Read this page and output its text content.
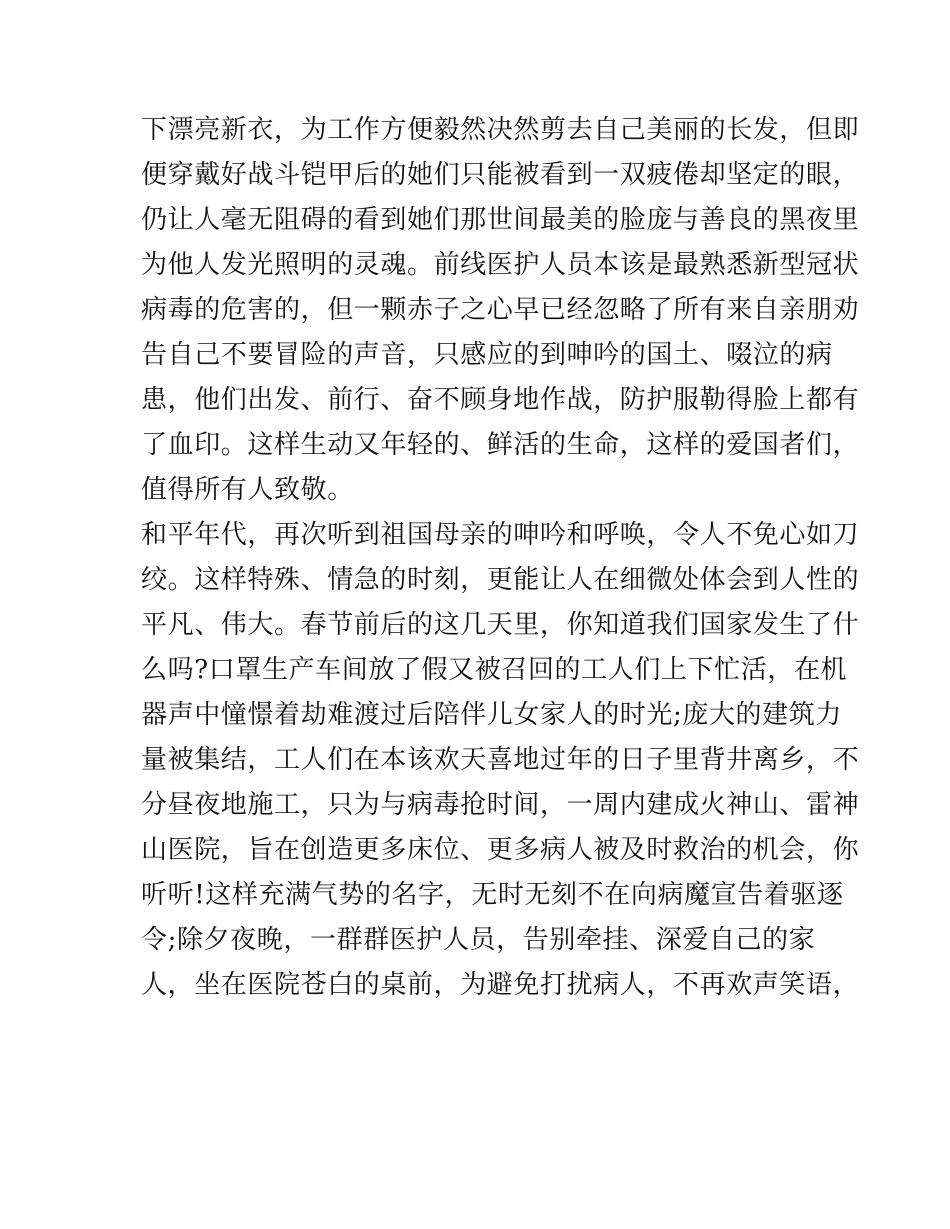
下漂亮新衣，为工作方便毅然决然剪去自己美丽的长发，但即
便穿戴好战斗铠甲后的她们只能被看到一双疲倦却坚定的眼，
仍让人毫无阻碍的看到她们那世间最美的脸庞与善良的黑夜里
为他人发光照明的灵魂。前线医护人员本该是最熟悉新型冠状
病毒的危害的，但一颗赤子之心早已经忽略了所有来自亲朋劝
告自己不要冒险的声音，只感应的到呻吟的国土、啜泣的病
患，他们出发、前行、奋不顾身地作战，防护服勒得脸上都有
了血印。这样生动又年轻的、鲜活的生命，这样的爱国者们，
值得所有人致敬。
和平年代，再次听到祖国母亲的呻吟和呼唤，令人不免心如刀
绞。这样特殊、情急的时刻，更能让人在细微处体会到人性的
平凡、伟大。春节前后的这几天里，你知道我们国家发生了什
么吗?口罩生产车间放了假又被召回的工人们上下忙活，在机
器声中憧憬着劫难渡过后陪伴儿女家人的时光;庞大的建筑力
量被集结，工人们在本该欢天喜地过年的日子里背井离乡，不
分昼夜地施工，只为与病毒抢时间，一周内建成火神山、雷神
山医院，旨在创造更多床位、更多病人被及时救治的机会，你
听听!这样充满气势的名字，无时无刻不在向病魔宣告着驱逐
令;除夕夜晚，一群群医护人员，告别牵挂、深爱自己的家
人，坐在医院苍白的桌前，为避免打扰病人，不再欢声笑语，
